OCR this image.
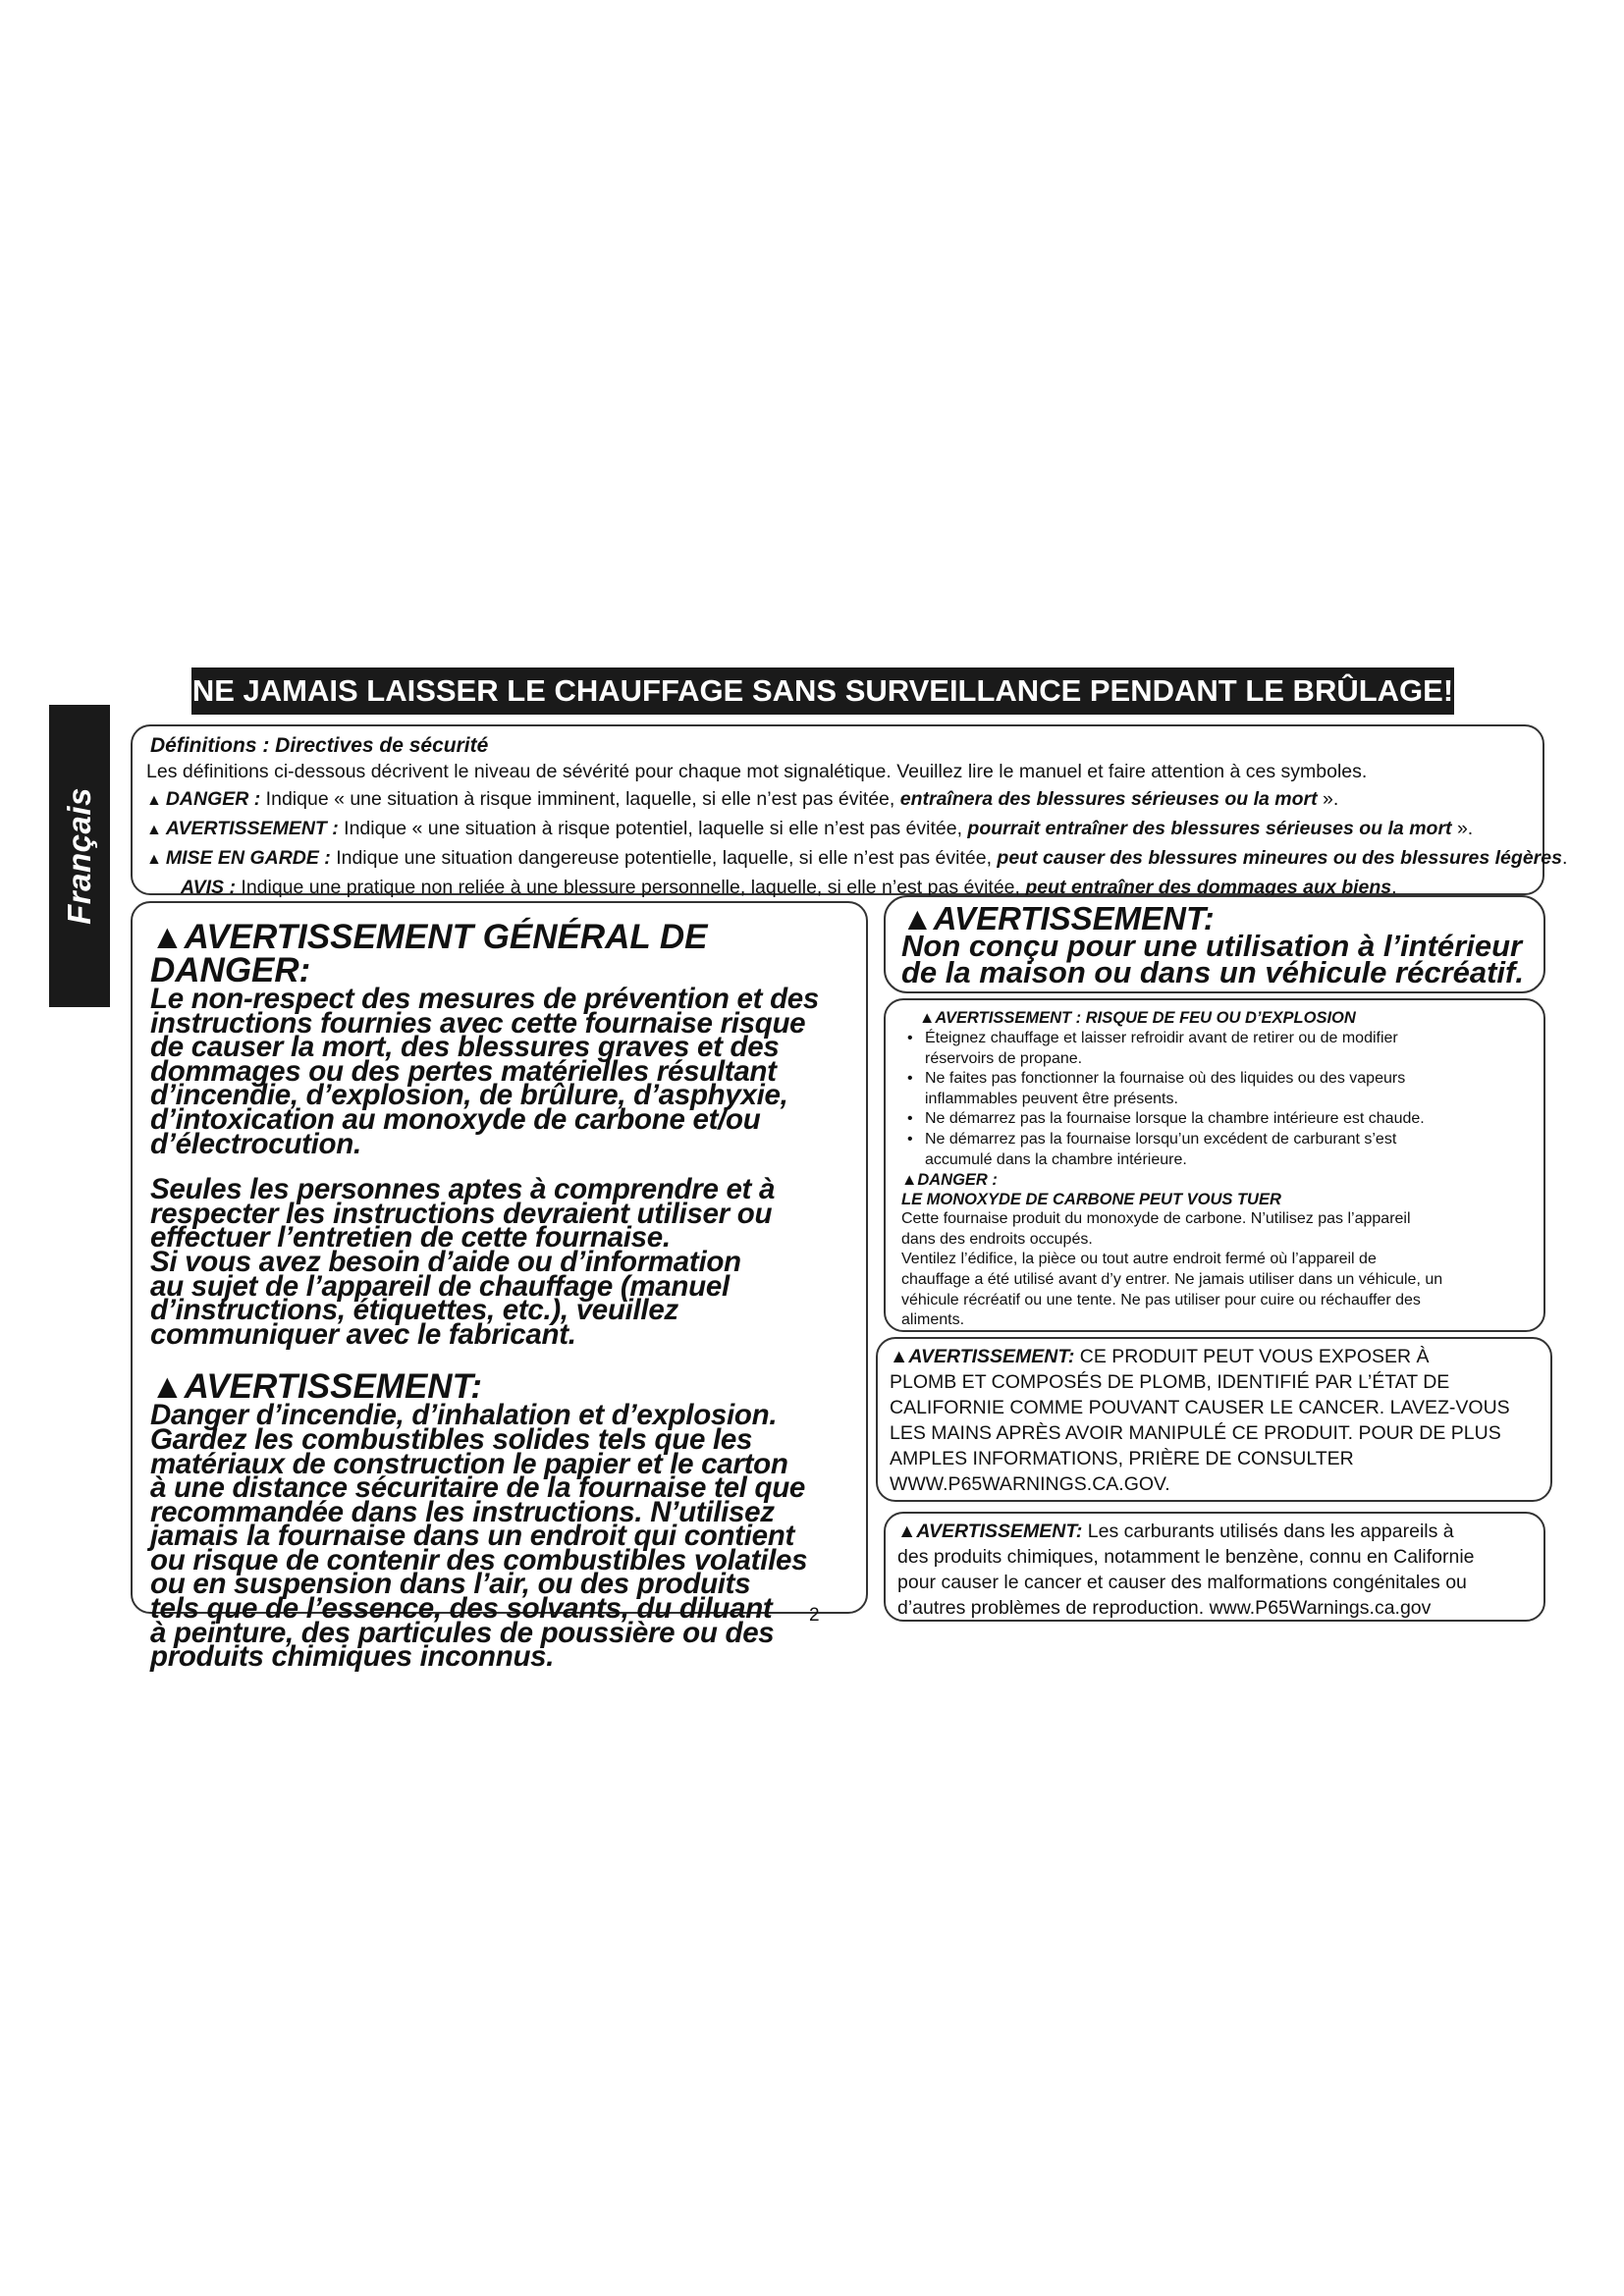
Français
NE JAMAIS LAISSER LE CHAUFFAGE SANS SURVEILLANCE PENDANT LE BRÛLAGE!
Définitions : Directives de sécurité
Les définitions ci-dessous décrivent le niveau de sévérité pour chaque mot signalétique. Veuillez lire le manuel et faire attention à ces symboles.
▲ DANGER : Indique « une situation à risque imminent, laquelle, si elle n’est pas évitée, entraînera des blessures sérieuses ou la mort ».
▲ AVERTISSEMENT : Indique « une situation à risque potentiel, laquelle si elle n’est pas évitée, pourrait entraîner des blessures sérieuses ou la mort ».
▲ MISE EN GARDE : Indique une situation dangereuse potentielle, laquelle, si elle n’est pas évitée, peut causer des blessures mineures ou des blessures légères.
AVIS : Indique une pratique non reliée à une blessure personnelle, laquelle, si elle n’est pas évitée, peut entraîner des dommages aux biens.
▲AVERTISSEMENT GÉNÉRAL DE DANGER:
Le non-respect des mesures de prévention et des
instructions fournies avec cette fournaise risque
de causer la mort, des blessures graves et des
dommages ou des pertes matérielles résultant
d’incendie, d’explosion, de brûlure, d’asphyxie,
d’intoxication au monoxyde de carbone et/ou
d’électrocution.
Seules les personnes aptes à comprendre et à
respecter les instructions devraient utiliser ou
effectuer l’entretien de cette fournaise.
Si vous avez besoin d’aide ou d’information
au sujet de l’appareil de chauffage (manuel
d’instructions, étiquettes, etc.), veuillez
communiquer avec le fabricant.
▲AVERTISSEMENT:
Danger d’incendie, d’inhalation et d’explosion.
Gardez les combustibles solides tels que les
matériaux de construction le papier et le carton
à une distance sécuritaire de la fournaise tel que
recommandée dans les instructions. N’utilisez
jamais la fournaise dans un endroit qui contient
ou risque de contenir des combustibles volatiles
ou en suspension dans l’air, ou des produits
tels que de l’essence, des solvants, du diluant
à peinture, des particules de poussière ou des
produits chimiques inconnus.
2
▲AVERTISSEMENT:
Non conçu pour une utilisation à l’intérieur
de la maison ou dans un véhicule récréatif.
▲AVERTISSEMENT : RISQUE DE FEU OU D’EXPLOSION
• Éteignez chauffage et laisser refroidir avant de retirer ou de modifier
réservoirs de propane.
• Ne faites pas fonctionner la fournaise où des liquides ou des vapeurs
inflammables peuvent être présents.
• Ne démarrez pas la fournaise lorsque la chambre intérieure est chaude.
• Ne démarrez pas la fournaise lorsqu’un excédent de carburant s’est
accumulé dans la chambre intérieure.
▲DANGER :
LE MONOXYDE DE CARBONE PEUT VOUS TUER
Cette fournaise produit du monoxyde de carbone. N’utilisez pas l’appareil
dans des endroits occupés.
Ventilez l’édifice, la pièce ou tout autre endroit fermé où l’appareil de
chauffage a été utilisé avant d’y entrer. Ne jamais utiliser dans un véhicule, un
véhicule récréatif ou une tente. Ne pas utiliser pour cuire ou réchauffer des
aliments.
▲AVERTISSEMENT: CE PRODUIT PEUT VOUS EXPOSER À
PLOMB ET COMPOSÉS DE PLOMB, IDENTIFIÉ PAR L’ÉTAT DE
CALIFORNIE COMME POUVANT CAUSER LE CANCER. LAVEZ-VOUS
LES MAINS APRÈS AVOIR MANIPULÉ CE PRODUIT. POUR DE PLUS
AMPLES INFORMATIONS, PRIÈRE DE CONSULTER
WWW.P65WARNINGS.CA.GOV.
▲AVERTISSEMENT: Les carburants utilisés dans les appareils à
des produits chimiques, notamment le benzène, connu en Californie
pour causer le cancer et causer des malformations congénitales ou
d’autres problèmes de reproduction. www.P65Warnings.ca.gov
